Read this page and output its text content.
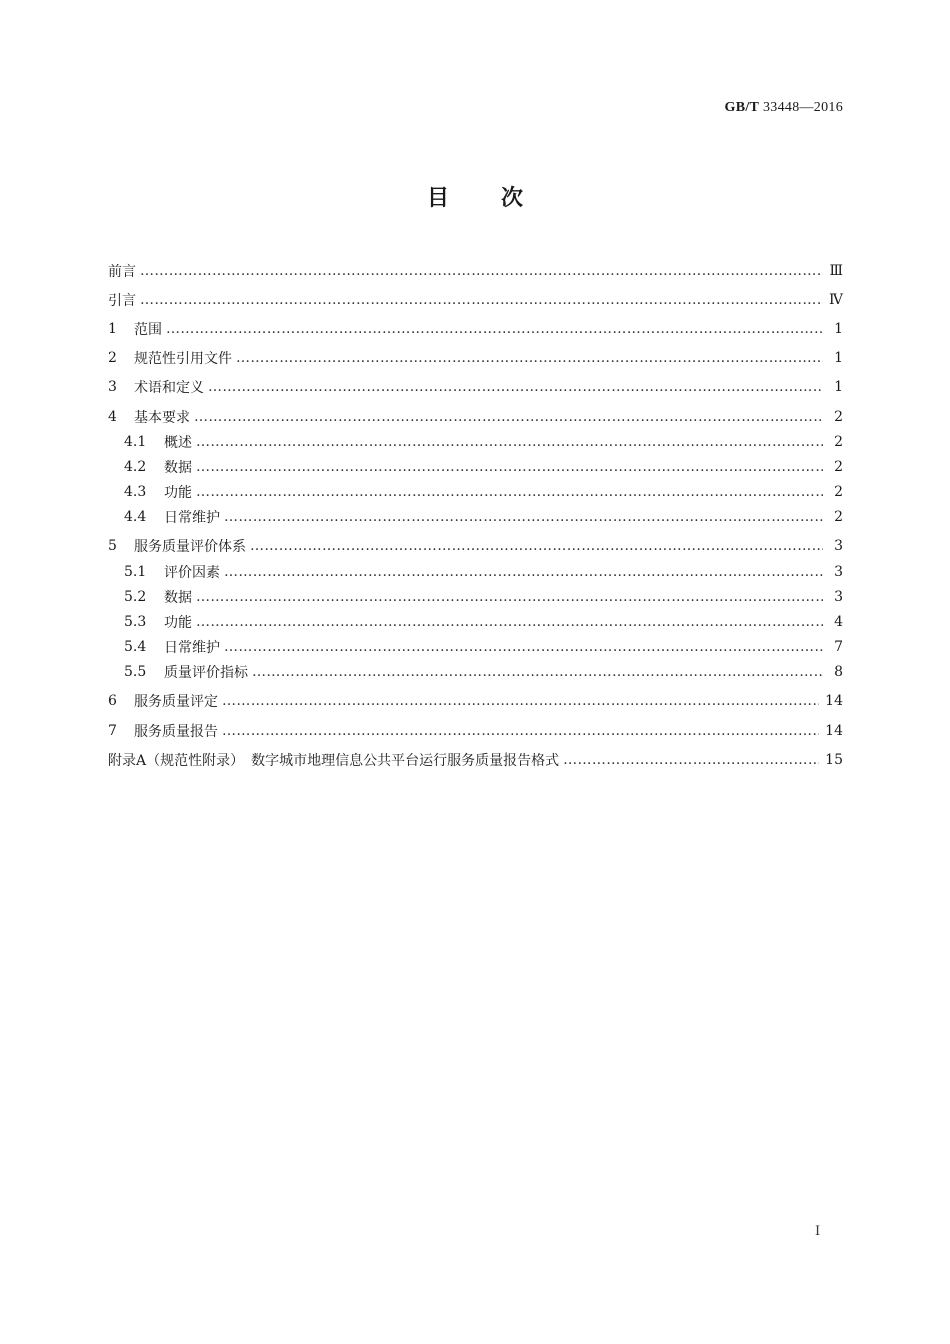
GB/T 33448—2016
目 次
前言 …………………………………………………………………………………………………………………………………………………………………………………………………………………………	Ⅲ
引言 …………………………………………………………………………………………………………………………………………………………………………………………………………………………	Ⅳ
1	范围 …………………………………………………………………………………………………………………………………………………………………………………………………………………………	1
2	规范性引用文件 …………………………………………………………………………………………………………………………………………………………………………………………………………………………	1
3	术语和定义 …………………………………………………………………………………………………………………………………………………………………………………………………………………………	1
4	基本要求 …………………………………………………………………………………………………………………………………………………………………………………………………………………………	2
4.1	概述 …………………………………………………………………………………………………………………………………………………………………………………………………………………………	2
4.2	数据 …………………………………………………………………………………………………………………………………………………………………………………………………………………………	2
4.3	功能 …………………………………………………………………………………………………………………………………………………………………………………………………………………………	2
4.4	日常维护 …………………………………………………………………………………………………………………………………………………………………………………………………………………………	2
5	服务质量评价体系 …………………………………………………………………………………………………………………………………………………………………………………………………………………………	3
5.1	评价因素 …………………………………………………………………………………………………………………………………………………………………………………………………………………………	3
5.2	数据 …………………………………………………………………………………………………………………………………………………………………………………………………………………………	3
5.3	功能 …………………………………………………………………………………………………………………………………………………………………………………………………………………………	4
5.4	日常维护 …………………………………………………………………………………………………………………………………………………………………………………………………………………………	7
5.5	质量评价指标 …………………………………………………………………………………………………………………………………………………………………………………………………………………………	8
6	服务质量评定 …………………………………………………………………………………………………………………………………………………………………………………………………………………………	14
7	服务质量报告 …………………………………………………………………………………………………………………………………………………………………………………………………………………………	14
附录A（规范性附录）　数字城市地理信息公共平台运行服务质量报告格式 …………………………………………………………………………………………………………………………………………………………………………………………………………………………	15
Ⅰ
